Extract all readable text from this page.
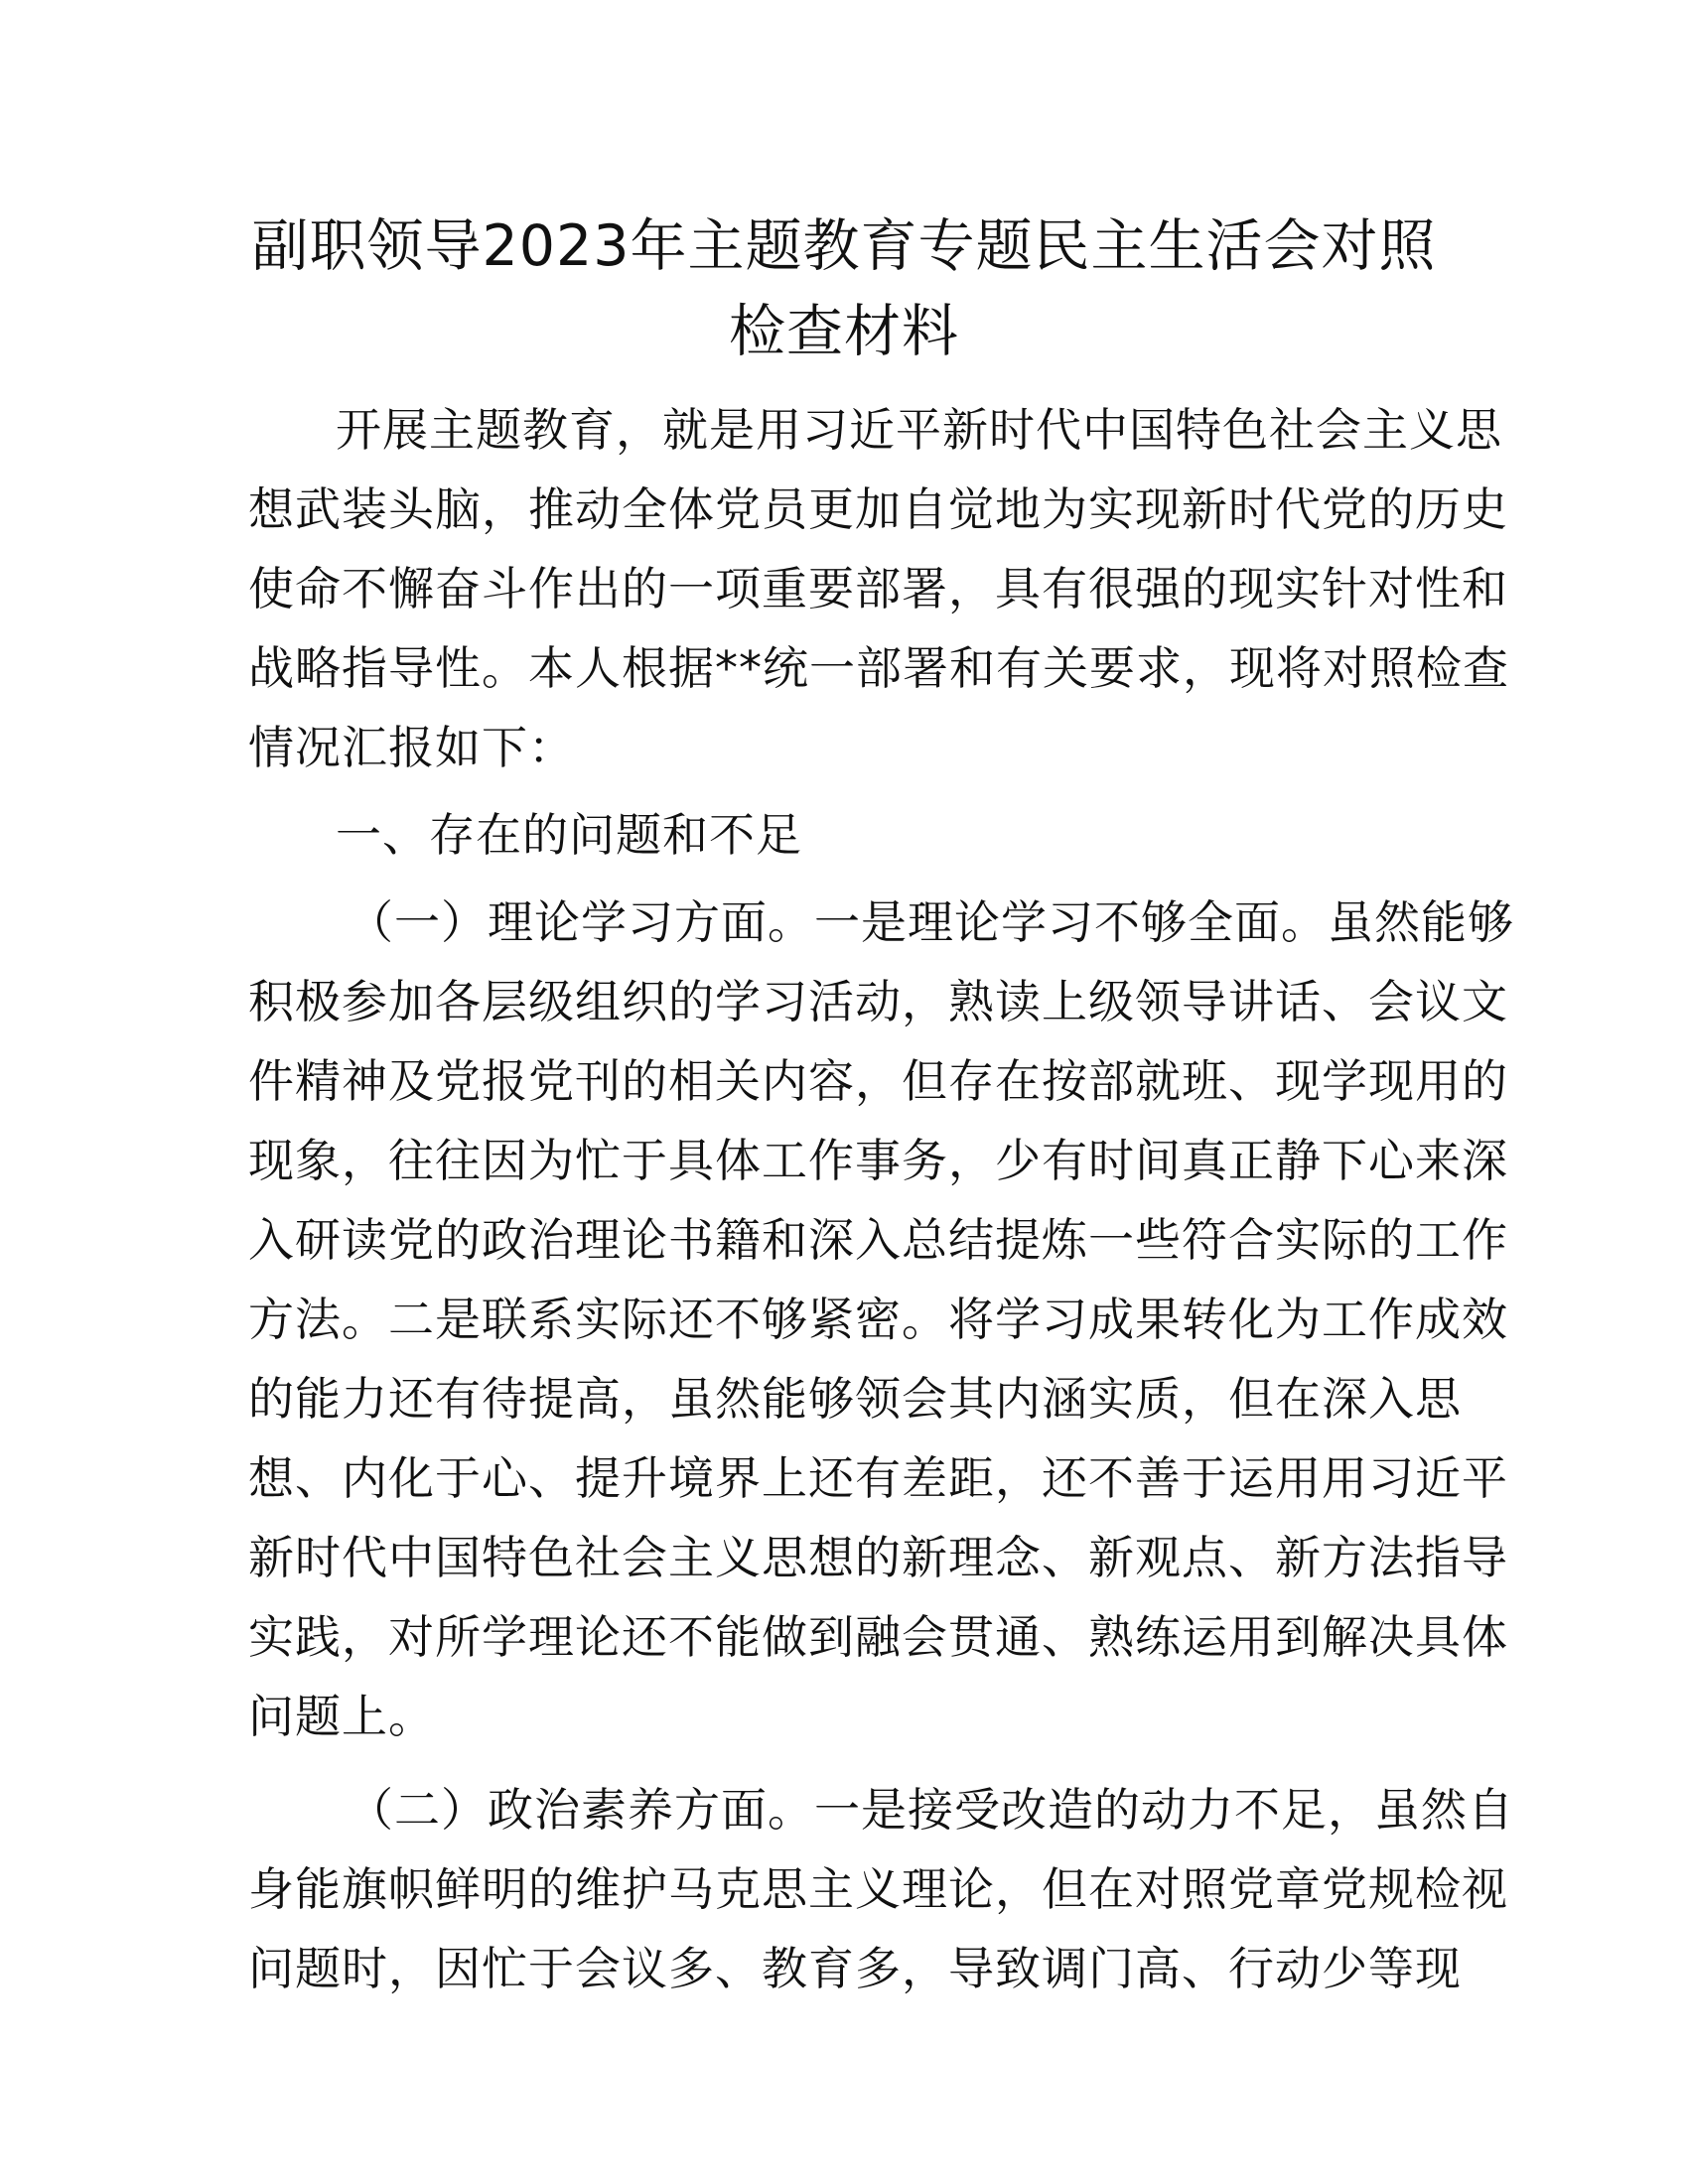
副职领导2023年主题教育专题民主生活会对照
检查材料
开展主题教育，就是用习近平新时代中国特色社会主义思
想武装头脑，推动全体党员更加自觉地为实现新时代党的历史
使命不懈奋斗作出的一项重要部署，具有很强的现实针对性和
战略指导性。本人根据**统一部署和有关要求，现将对照检查
情况汇报如下：
一、存在的问题和不足
（一）理论学习方面。一是理论学习不够全面。虽然能够
积极参加各层级组织的学习活动，熟读上级领导讲话、会议文
件精神及党报党刊的相关内容，但存在按部就班、现学现用的
现象，往往因为忙于具体工作事务，少有时间真正静下心来深
入研读党的政治理论书籍和深入总结提炼一些符合实际的工作
方法。二是联系实际还不够紧密。将学习成果转化为工作成效
的能力还有待提高，虽然能够领会其内涵实质，但在深入思
想、内化于心、提升境界上还有差距，还不善于运用用习近平
新时代中国特色社会主义思想的新理念、新观点、新方法指导
实践，对所学理论还不能做到融会贯通、熟练运用到解决具体
问题上。
（二）政治素养方面。一是接受改造的动力不足，虽然自
身能旗帜鲜明的维护马克思主义理论，但在对照党章党规检视
问题时，因忙于会议多、教育多，导致调门高、行动少等现
